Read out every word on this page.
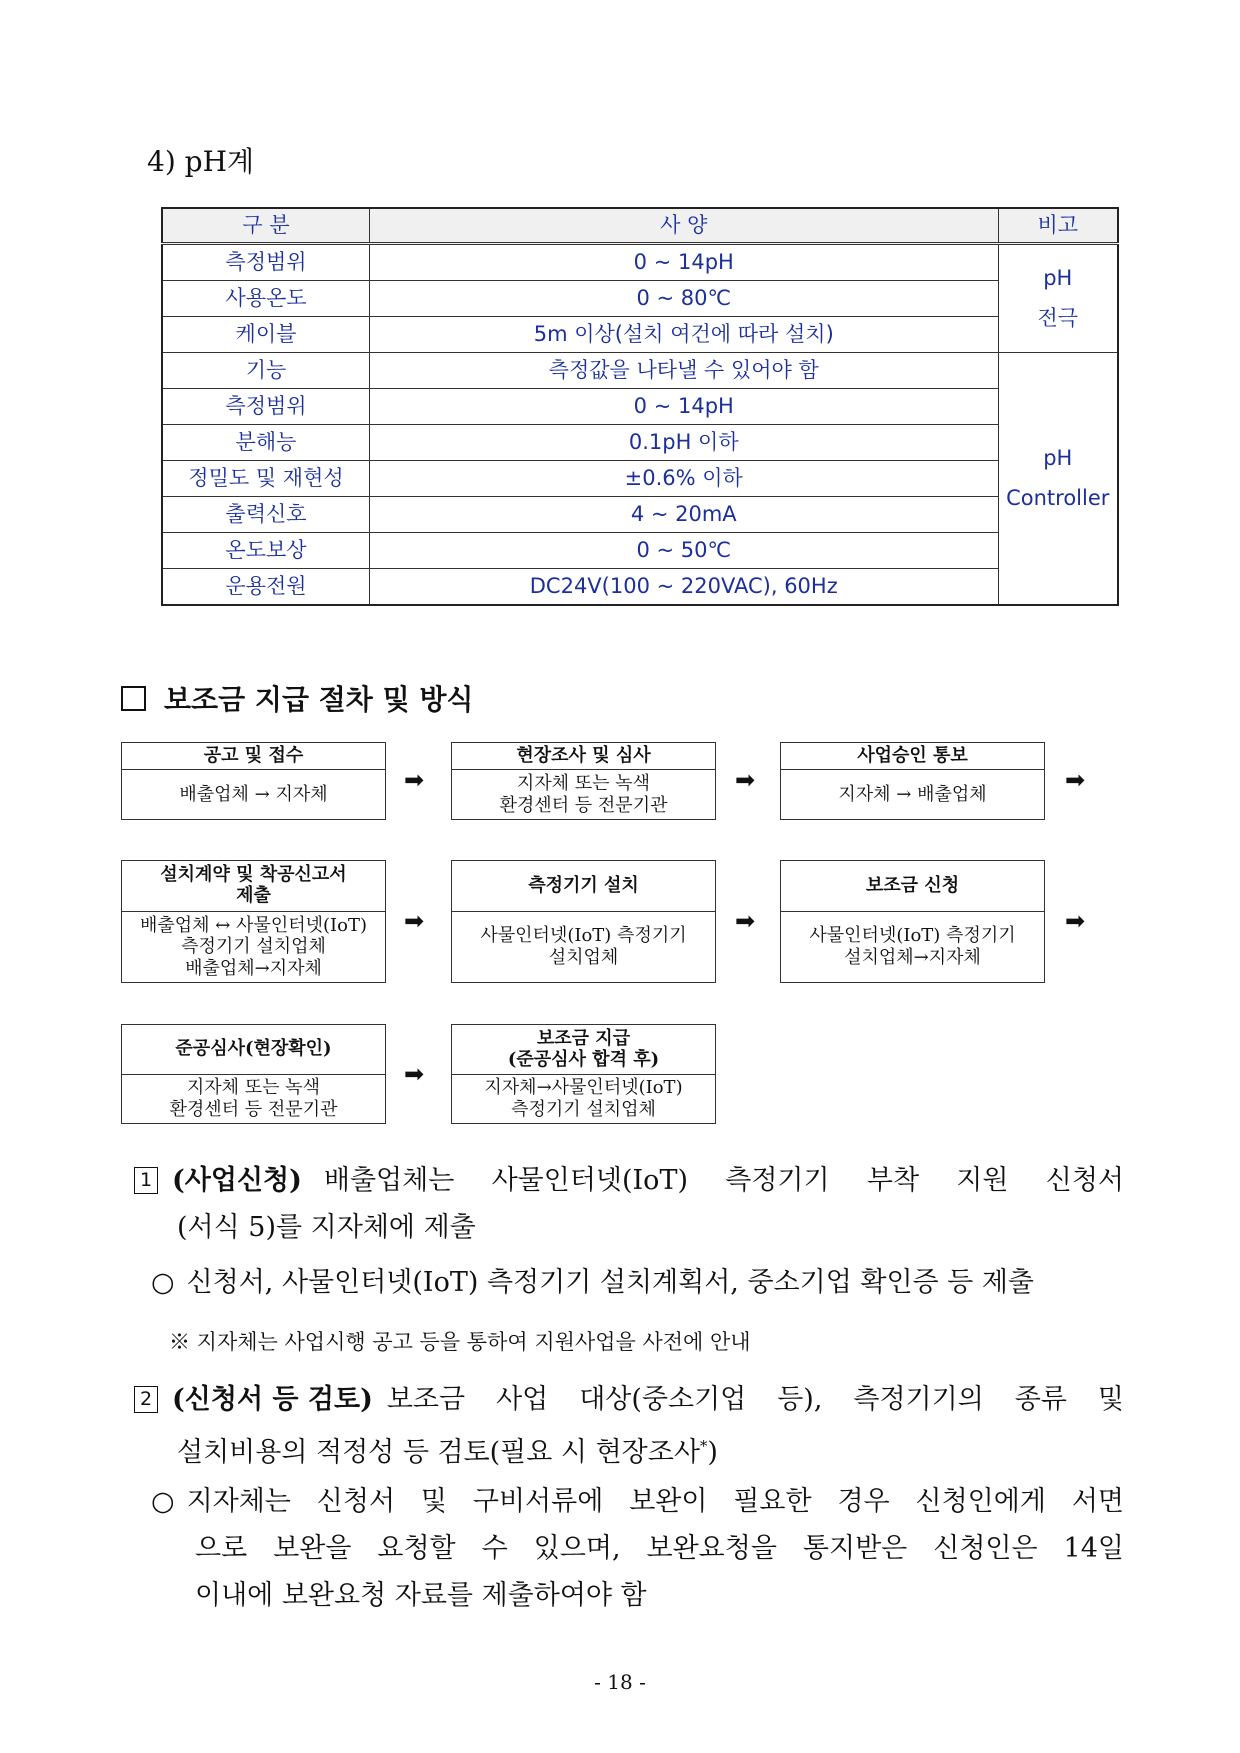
4) pH계
구 분	사 양	비고
측정범위	0 ~ 14pH	pH
전극
사용온도	0 ~ 80℃	
케이블	5m 이상(설치 여건에 따라 설치)	
기능	측정값을 나타낼 수 있어야 함	pH
Controller
측정범위	0 ~ 14pH	
분해능	0.1pH 이하	
정밀도 및 재현성	±0.6% 이하	
출력신호	4 ~ 20mA	
온도보상	0 ~ 50℃	
운용전원	DC24V(100 ~ 220VAC), 60Hz	
보조금 지급 절차 및 방식
공고 및 접수
배출업체 → 지자체
➡
현장조사 및 심사
지자체 또는 녹색
환경센터 등 전문기관
➡
사업승인 통보
지자체 → 배출업체
➡
설치계약 및 착공신고서
제출
배출업체 ↔ 사물인터넷(IoT)
측정기기 설치업체
배출업체→지자체
➡
측정기기 설치
사물인터넷(IoT) 측정기기
설치업체
➡
보조금 신청
사물인터넷(IoT) 측정기기
설치업체→지자체
➡
준공심사(현장확인)
지자체 또는 녹색
환경센터 등 전문기관
➡
보조금 지급
(준공심사 합격 후)
지자체→사물인터넷(IoT)
측정기기 설치업체
1 (사업신청) 배출업체는 사물인터넷(IoT) 측정기기 부착 지원 신청서
(서식 5)를 지자체에 제출
○ 신청서, 사물인터넷(IoT) 측정기기 설치계획서, 중소기업 확인증 등 제출
※ 지자체는 사업시행 공고 등을 통하여 지원사업을 사전에 안내
2 (신청서 등 검토) 보조금 사업 대상(중소기업 등), 측정기기의 종류 및
설치비용의 적정성 등 검토(필요 시 현장조사*)
○ 지자체는 신청서 및 구비서류에 보완이 필요한 경우 신청인에게 서면
으로 보완을 요청할 수 있으며, 보완요청을 통지받은 신청인은 14일
이내에 보완요청 자료를 제출하여야 함
- 18 -
